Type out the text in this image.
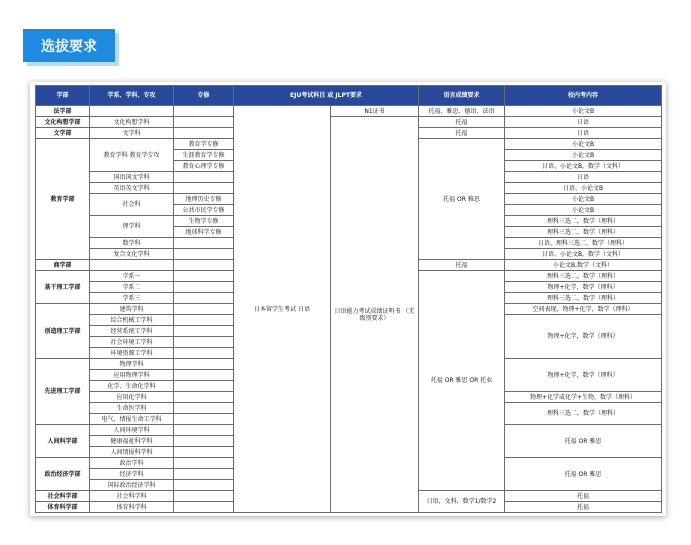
选拔要求
学部	学系、学科、专攻	专修	EJU考试科目 或 JLPT要求		语言成绩要求	校内考内容	
法学部			日本留学生考试 日语	N1证书	托福、雅思、德语、法语	小论文B	
文化构想学部	文化构想学科			日语能力考试成绩证明书 （无级别要求）	托福	日语	
文学部	文学科				托福	日语	
教育学部	教育学科 教育学专攻	教育学专修			托福 OR 雅思	小论文B	
		生涯教育学专修				小论文B	
		教育心理学专修				日语、小论文B，数学（文科）	
	国语国文学科					日语	
	英语英文学科					日语、小论文B	
	社会科	地理历史专修				小论文B	
		公共市民学专修				小论文B	
	理学科	生物学专修				理科三选二，数学（理科）	
		地球科学专修				理科三选二，数学（理科）	
	数学科					日语，理科三选二，数学（理科）	
	复合文化学科					日语、小论文B，数学（文科）	
商学部					托福	小论文B,数学（文科）	
基干理工学部	学系一				托福 OR 雅思 OR 托业	理科三选二，数学（理科）	
	学系二					物理+化学，数学（理科）	
	学系三					理科三选二，数学（理科）	
创造理工学部	建筑学科					空间表现，物理+化学，数学（理科）	
	综合机械工学科					物理+化学，数学（理科）	
	经营系统工学科						
	社会环境工学科						
	环境资源工学科						
先进理工学部	物理学科					物理+化学，数学（理科）	
	应用物理学科						
	化学、生命化学科						
	应用化学科					物理+化学或化学+生物，数学（理科）	
	生命医学科					理科三选二，数学（理科）	
	电气、情报生命工学科						
人间科学部	人间环境学科					托福 OR 雅思	
	健康福祉科学科						
	人间情报科学科						
政治经济学部	政治学科					托福 OR 雅思	
	经济学科						
	国际政治经济学科						
社会科学部	社会科学科				日语，文科，数学1/数学2	托福	
体育科学部	体育科学科					托福	
